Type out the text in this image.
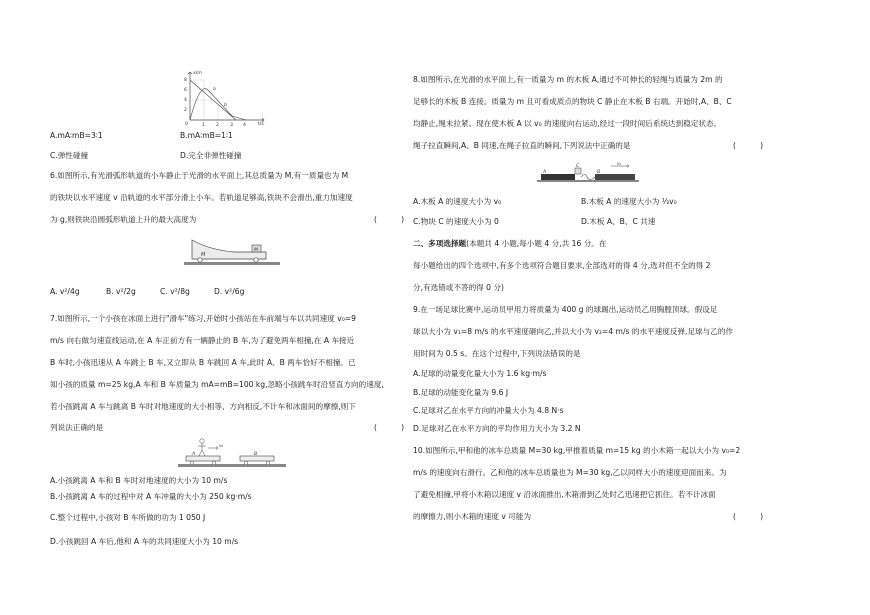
x/m
t/s
8
6
4
2
0	1 2 3 4
a
b
A.mA∶mB=3∶1	B.mA∶mB=1∶1
C.弹性碰撞	D.完全非弹性碰撞
6.如图所示,有光滑弧形轨道的小车静止于光滑的水平面上,其总质量为 M,有一质量也为 M
的铁块以水平速度 v 沿轨道的水平部分滑上小车。若轨道足够高,铁块不会滑出,重力加速度
为 g,则铁块沿圆弧形轨道上升的最大高度为	(          )
M
M
A. v²/4g	B. v²/2g	C. v²/8g	D. v²/6g
7.如图所示,一个小孩在冰面上进行"滑车"练习,开始时小孩站在车前端与车以共同速度 v₀=9
m/s 向右做匀速直线运动,在 A 车正前方有一辆静止的 B 车,为了避免两车相撞,在 A 车接近
B 车时,小孩迅速从 A 车跳上 B 车,又立即从 B 车跳回 A 车,此时 A、B 两车恰好不相撞。已
知小孩的质量 m=25 kg,A 车和 B 车质量为 mA=mB=100 kg,忽略小孩跳车时沿竖直方向的速度,
若小孩跳离 A 车与跳离 B 车时对地速度的大小相等、方向相反,不计车和冰面间的摩擦,则下
列说法正确的是	(          )
A	B
v₀
A.小孩跳离 A 车和 B 车时对地速度的大小为 10 m/s
B.小孩跳离 A 车的过程中对 A 车冲量的大小为 250 kg·m/s
C.整个过程中,小孩对 B 车所做的功为 1 050 J
D.小孩跳回 A 车后,他和 A 车的共同速度大小为 10 m/s
8.如图所示,在光滑的水平面上,有一质量为 m 的木板 A,通过不可伸长的轻绳与质量为 2m 的
足够长的木板 B 连接。质量为 m 且可看成质点的物块 C 静止在木板 B 右端。开始时,A、B、C
均静止,绳未拉紧。现在使木板 A 以 v₀ 的速度向右运动,经过一段时间后系统达到稳定状态。
绳子拉直瞬间,A、B 同速,在绳子拉直的瞬间,下列说法中正确的是	(          )
A	B
C
v₀
A.木板 A 的速度大小为 v₀	B.木板 A 的速度大小为 ⅓v₀
C.物块 C 的速度大小为 0	D.木板 A、B、C 共速
二、多项选择题(本题共 4 小题,每小题 4 分,共 16 分。在
每小题给出的四个选项中,有多个选项符合题目要求,全部选对的得 4 分,选对但不全的得 2
分,有选错或不答的得 0 分)
9.在一场足球比赛中,运动员甲用力将质量为 400 g 的球踢出,运动员乙用胸膛顶球。假设足
球以大小为 v₁=8 m/s 的水平速度砸向乙,并以大小为 v₂=4 m/s 的水平速度反弹,足球与乙的作
用时间为 0.5 s。在这个过程中,下列说法错误的是
A.足球的动量变化量大小为 1.6 kg·m/s
B.足球的动能变化量为 9.6 J
C.足球对乙在水平方向的冲量大小为 4.8 N·s
D.足球对乙在水平方向的平均作用力大小为 3.2 N
10.如图所示,甲和他的冰车总质量 M=30 kg,甲推着质量 m=15 kg 的小木箱一起以大小为 v₀=2
m/s 的速度向右滑行。乙和他的冰车总质量也为 M=30 kg,乙以同样大小的速度迎面而来。为
了避免相撞,甲将小木箱以速度 v 沿冰面推出,木箱滑到乙处时乙迅速把它抓住。若不计冰面
的摩擦力,则小木箱的速度 v 可能为	(          )
